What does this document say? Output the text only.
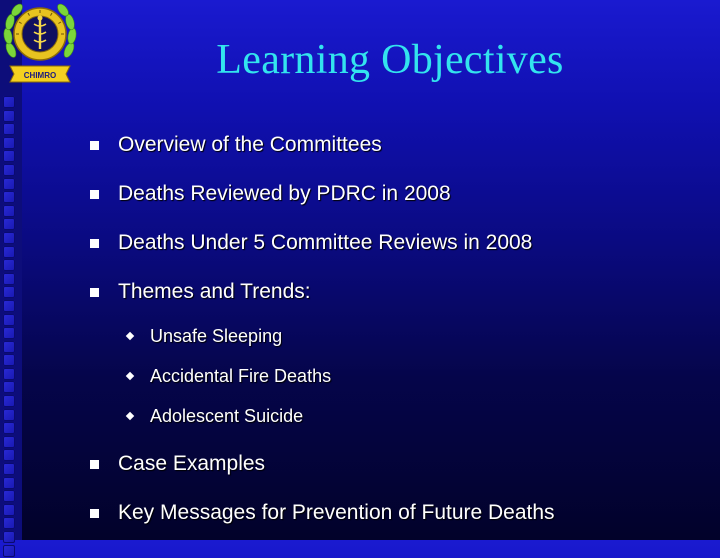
CHIMRO	Learning Objectives
Overview of the Committees
Deaths Reviewed by PDRC in 2008
Deaths Under 5 Committee Reviews in 2008
Themes and Trends:
Unsafe Sleeping
Accidental Fire Deaths
Adolescent Suicide
Case Examples
Key Messages for Prevention of Future Deaths
